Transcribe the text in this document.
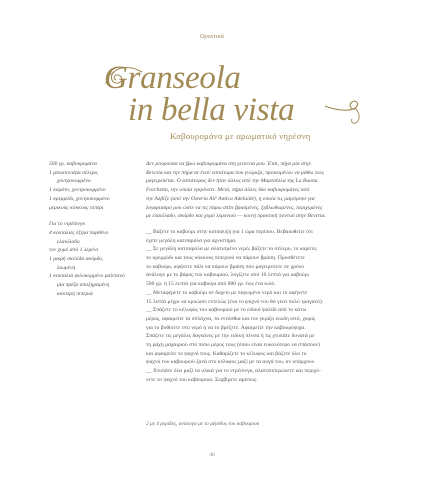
Ορεκτικά
Granseola
in bella vista
Καβουρομάνα με αρωματικό νηρέσνη
500 γρ. καβουρομάνα
1 μπουτονιέρα σέλερυ,
χοντροκομμένο
1 καρότο, χοντροκομμένο
1 κρεμμύδι, χοντροκομμένο
μερικούς κόκκους πιπέρι
Για το ντρέσινγκ
4 κουταλιές έξτρα παρθένο
ελαιόλαδο
τον χυμό από 1 λεμόνι
1 μικρή σκελίδα σκόρδο,
λιωμένη
1 κουταλιά ψιλοκομμένο μαϊντανό
μία πρέζα αποξηραμένη
καυτερή πιπεριά
Δεν μπορούσα να βρω καβουρομάνα στη γειτονιά μου. Έτσι, πήγα μία στην
Βενετία και την πήρα σε έναν εστιάτορα που γνώριζα, προκειμένου να μάθω πώς
μαγειρεύεται. Ο εστιάτορας δεν ήταν άλλος από την Μαρτσέλλα της La Buona
Forchetta, την οποία εγκρίνατε. Μετά, πήρα άλλες δύο καβουρομάνες από
την Αλβίζε (από την Osteria All' Antica Adelaide), η οποία τις μαγείρεψε για
λογαριασμό μου ώστε να τις πάρω σπίτι βρασμένες, ξεβλωθωμένες, περιχυμένες
με ελαιόλαδο, σκόρδο και χυμό λεμονιού — κοινή πρακτική ποντισί στην Βενετία.
__ Βάζετε το καβούρι στην κατάψυξη για 1 ώρα περίπου. Βεβαιωθείτε ότι
έχετε μεγάλη κατσαρόλα για αχνιστήρα.
__ Σε μεγάλη κατσαρόλα με αλατισμένο νερό, βάζετε το σέλερυ, το καρότο,
το κρεμμύδι και τους κόκκους πιπεριού να πάρουν βράση. Προσθέτετε
το καβούρι, αφήνετε πάλι να πάρουν βράση που μαγειρεύετε σε χρόνο
ανάλογο με το βάρος του καβουριού, λογίζετε από 10 λεπτά για καβούρι
500 γρ. ή 15 λεπτά για καβούρι από 800 γρ. έως ένα κιλό.
__ Μεταφέρετε το καβούρι σε δοχείο με παγωμένο νερό και το αφήνετε
15 λεπτά μέχρι να κρυώσει εντελώς (ένα το ψαχνό του θα γίνει πολύ τραγανό).
__ Σπάζετε το κέλυφος του καβουριού με το ειδικό ψαλίδι από το κάτω
μέρος, αφαιρείτε τα σπλάχνα, τα εντόσθια και τον γκρίζο ινώδη ιστό, χωρίς
για το βυθίσετε στο νερό ή να το βρέξετε. Αφαιρείτε την καβουρόψιχα.
Σπάζετε τις μεγάλες δαγκάνες με την ειδική πένσα ή τις χτυπάτε δυνατά με
τη ράχη μαχαιριού στο πίσω μέρος τους (όπου είναι ευκολότερο να σπάσουν)
και αφαιρείτε το ψαχνό τους. Καθαρίζετε το κέλυφος και βάζετε όλο το
ψαχνό του καβουριού ξανά στο κέλυφος μαζί με τα αυγά του, αν υπάρχουν.
__ Χτυπάτε όλα μαζί τα υλικά για το ντρέσινγκ, αλατοπιπερώνετε και περιχύ-
νετε το ψαχνό του καβουριού. Σερβίρετε αμέσως.
2 με 4 μερίδες, ανάλογα με το μέγεθος του καβουριού
46
